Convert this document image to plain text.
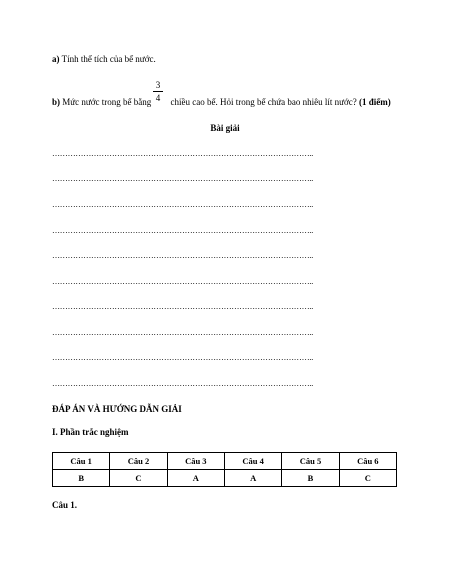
a) Tính thể tích của bể nước.
3
4
b) Mức nước trong bể bằng chiều cao bể. Hỏi trong bể chứa bao nhiêu lít nước? (1 điểm)
Bài giải
………………………………………………………………………………………..
………………………………………………………………………………………..
………………………………………………………………………………………..
………………………………………………………………………………………..
………………………………………………………………………………………..
………………………………………………………………………………………..
………………………………………………………………………………………..
………………………………………………………………………………………..
………………………………………………………………………………………..
………………………………………………………………………………………..
ĐÁP ÁN VÀ HƯỚNG DẪN GIẢI
I. Phần trắc nghiệm
Câu 1	Câu 2	Câu 3	Câu 4	Câu 5	Câu 6
B	C	A	A	B	C
Câu 1.
